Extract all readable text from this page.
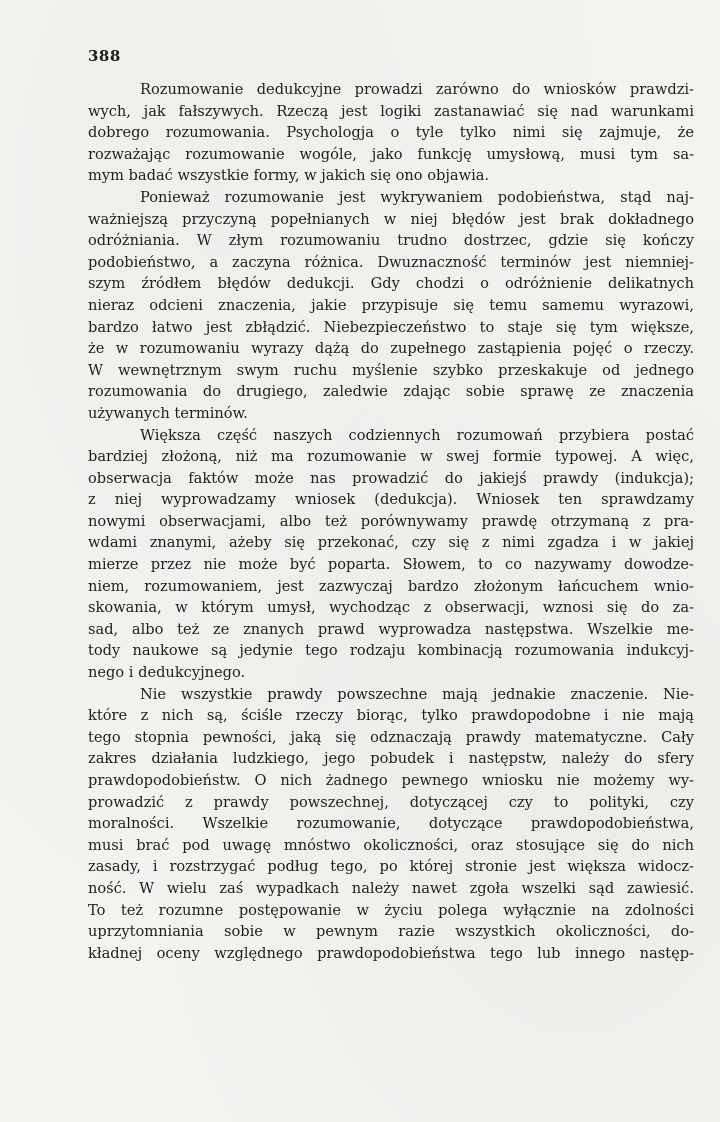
388
Rozumowanie dedukcyjne prowadzi zarówno do wniosków prawdzi-
wych, jak fałszywych. Rzeczą jest logiki zastanawiać się nad warunkami
dobrego rozumowania. Psychologja o tyle tylko nimi się zajmuje, że
rozważając rozumowanie wogóle, jako funkcję umysłową, musi tym sa-
mym badać wszystkie formy, w jakich się ono objawia.
Ponieważ rozumowanie jest wykrywaniem podobieństwa, stąd naj-
ważniejszą przyczyną popełnianych w niej błędów jest brak dokładnego
odróżniania. W złym rozumowaniu trudno dostrzec, gdzie się kończy
podobieństwo, a zaczyna różnica. Dwuznaczność terminów jest niemniej-
szym źródłem błędów dedukcji. Gdy chodzi o odróżnienie delikatnych
nieraz odcieni znaczenia, jakie przypisuje się temu samemu wyrazowi,
bardzo łatwo jest zbłądzić. Niebezpieczeństwo to staje się tym większe,
że w rozumowaniu wyrazy dążą do zupełnego zastąpienia pojęć o rzeczy.
W wewnętrznym swym ruchu myślenie szybko przeskakuje od jednego
rozumowania do drugiego, zaledwie zdając sobie sprawę ze znaczenia
używanych terminów.
Większa część naszych codziennych rozumowań przybiera postać
bardziej złożoną, niż ma rozumowanie w swej formie typowej. A więc,
obserwacja faktów może nas prowadzić do jakiejś prawdy (indukcja);
z niej wyprowadzamy wniosek (dedukcja). Wniosek ten sprawdzamy
nowymi obserwacjami, albo też porównywamy prawdę otrzymaną z pra-
wdami znanymi, ażeby się przekonać, czy się z nimi zgadza i w jakiej
mierze przez nie może być poparta. Słowem, to co nazywamy dowodze-
niem, rozumowaniem, jest zazwyczaj bardzo złożonym łańcuchem wnio-
skowania, w którym umysł, wychodząc z obserwacji, wznosi się do za-
sad, albo też ze znanych prawd wyprowadza następstwa. Wszelkie me-
tody naukowe są jedynie tego rodzaju kombinacją rozumowania indukcyj-
nego i dedukcyjnego.
Nie wszystkie prawdy powszechne mają jednakie znaczenie. Nie-
które z nich są, ściśle rzeczy biorąc, tylko prawdopodobne i nie mają
tego stopnia pewności, jaką się odznaczają prawdy matematyczne. Cały
zakres działania ludzkiego, jego pobudek i następstw, należy do sfery
prawdopodobieństw. O nich żadnego pewnego wniosku nie możemy wy-
prowadzić z prawdy powszechnej, dotyczącej czy to polityki, czy
moralności. Wszelkie rozumowanie, dotyczące prawdopodobieństwa,
musi brać pod uwagę mnóstwo okoliczności, oraz stosujące się do nich
zasady, i rozstrzygać podług tego, po której stronie jest większa widocz-
ność. W wielu zaś wypadkach należy nawet zgoła wszelki sąd zawiesić.
To też rozumne postępowanie w życiu polega wyłącznie na zdolności
uprzytomniania sobie w pewnym razie wszystkich okoliczności, do-
kładnej oceny względnego prawdopodobieństwa tego lub innego następ-
